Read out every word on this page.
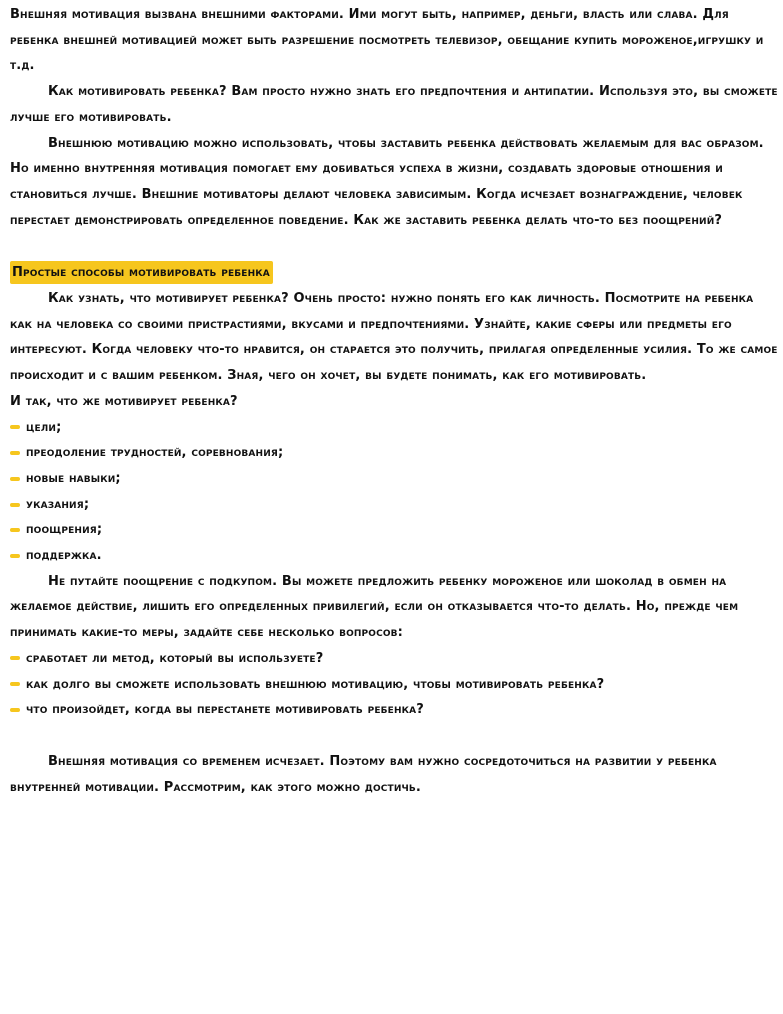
Внешняя мотивация вызвана внешними факторами. Ими могут быть, например, деньги, власть или слава. Для ребенка внешней мотивацией может быть разрешение посмотреть телевизор, обещание купить мороженое,игрушку и т.д.

Как мотивировать ребенка? Вам просто нужно знать его предпочтения и антипатии. Используя это, вы сможете лучше его мотивировать.

Внешнюю мотивацию можно использовать, чтобы заставить ребенка действовать желаемым для вас образом. Но именно внутренняя мотивация помогает ему добиваться успеха в жизни, создавать здоровые отношения и становиться лучше. Внешние мотиваторы делают человека зависимым. Когда исчезает вознаграждение, человек перестает демонстрировать определенное поведение. Как же заставить ребенка делать что-то без поощрений?

Простые способы мотивировать ребенка

Как узнать, что мотивирует ребенка? Очень просто: нужно понять его как личность. Посмотрите на ребенка как на человека со своими пристрастиями, вкусами и предпочтениями. Узнайте, какие сферы или предметы его интересуют. Когда человеку что-то нравится, он старается это получить, прилагая определенные усилия. То же самое происходит и с вашим ребенком. Зная, чего он хочет, вы будете понимать, как его мотивировать.

И так, что же мотивирует ребенка?

цели;
преодоление трудностей, соревнования;
новые навыки;
указания;
поощрения;
поддержка.

Не путайте поощрение с подкупом. Вы можете предложить ребенку мороженое или шоколад в обмен на желаемое действие, лишить его определенных привилегий, если он отказывается что-то делать. Но, прежде чем принимать какие-то меры, задайте себе несколько вопросов:

сработает ли метод, который вы используете?
как долго вы сможете использовать внешнюю мотивацию, чтобы мотивировать ребенка?
что произойдет, когда вы перестанете мотивировать ребенка?

Внешняя мотивация со временем исчезает. Поэтому вам нужно сосредоточиться на развитии у ребенка внутренней мотивации. Рассмотрим, как этого можно достичь.
